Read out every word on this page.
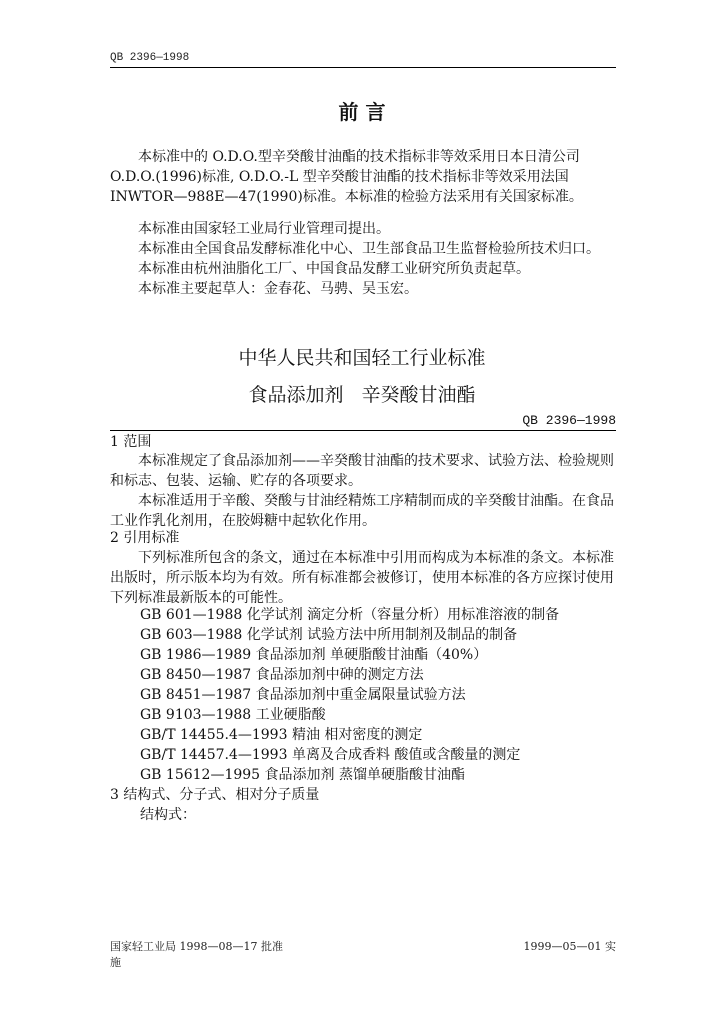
QB 2396—1998
前 言
本标准中的 O.D.O.型辛癸酸甘油酯的技术指标非等效采用日本日清公司 O.D.O.(1996)标准, O.D.O.-L 型辛癸酸甘油酯的技术指标非等效采用法国 INWTOR—988E—47(1990)标准。本标准的检验方法采用有关国家标准。
本标准由国家轻工业局行业管理司提出。
本标准由全国食品发酵标准化中心、卫生部食品卫生监督检验所技术归口。
本标准由杭州油脂化工厂、中国食品发酵工业研究所负责起草。
本标准主要起草人：金春花、马骋、吴玉宏。
中华人民共和国轻工行业标准
食品添加剂   辛癸酸甘油酯
QB 2396—1998
1 范围
本标准规定了食品添加剂——辛癸酸甘油酯的技术要求、试验方法、检验规则和标志、包装、运输、贮存的各项要求。
本标准适用于辛酸、癸酸与甘油经精炼工序精制而成的辛癸酸甘油酯。在食品工业作乳化剂用，在胶姆糖中起软化作用。
2 引用标准
下列标准所包含的条文，通过在本标准中引用而构成为本标准的条文。本标准出版时，所示版本均为有效。所有标准都会被修订，使用本标准的各方应探讨使用下列标准最新版本的可能性。
GB 601—1988 化学试剂 滴定分析（容量分析）用标准溶液的制备
GB 603—1988 化学试剂 试验方法中所用制剂及制品的制备
GB 1986—1989 食品添加剂 单硬脂酸甘油酯（40%）
GB 8450—1987 食品添加剂中砷的测定方法
GB 8451—1987 食品添加剂中重金属限量试验方法
GB 9103—1988 工业硬脂酸
GB/T 14455.4—1993 精油 相对密度的测定
GB/T 14457.4—1993 单离及合成香料 酸值或含酸量的测定
GB 15612—1995 食品添加剂 蒸馏单硬脂酸甘油酯
3 结构式、分子式、相对分子质量
结构式：
国家轻工业局 1998—08—17 批准
施
1999—05—01 实
